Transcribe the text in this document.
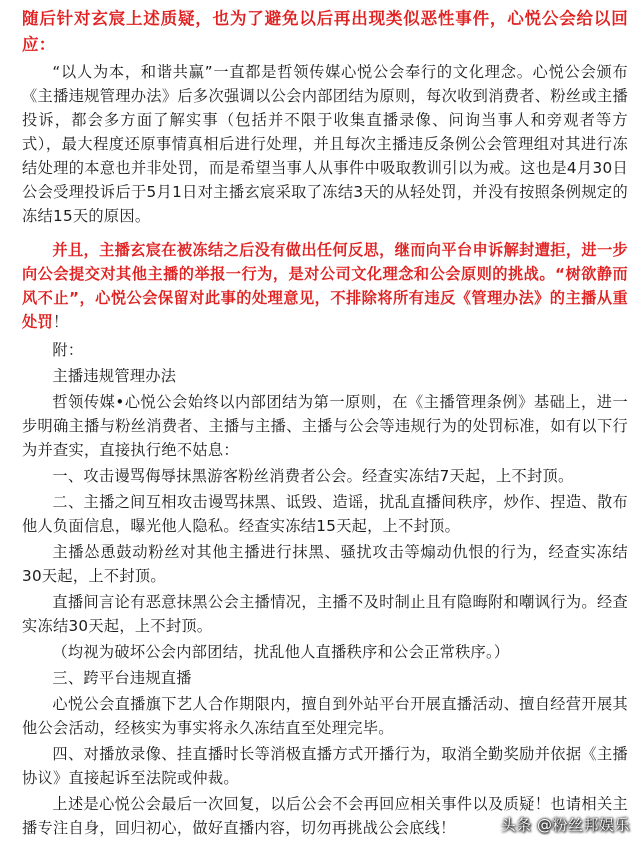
随后针对玄宸上述质疑，也为了避免以后再出现类似恶性事件，心悦公会给以回应：

“以人为本，和谐共赢”一直都是哲领传媒心悦公会奉行的文化理念。心悦公会颁布《主播违规管理办法》后多次强调以公会内部团结为原则，每次收到消费者、粉丝或主播投诉，都会多方面了解实事（包括并不限于收集直播录像、问询当事人和旁观者等方式），最大程度还原事情真相后进行处理，并且每次主播违反条例公会管理组对其进行冻结处理的本意也并非处罚，而是希望当事人从事件中吸取教训引以为戒。这也是4月30日公会受理投诉后于5月1日对主播玄宸采取了冻结3天的从轻处罚，并没有按照条例规定的冻结15天的原因。

并且，主播玄宸在被冻结之后没有做出任何反思，继而向平台申诉解封遭拒，进一步向公会提交对其他主播的举报一行为，是对公司文化理念和公会原则的挑战。“树欲静而风不止”，心悦公会保留对此事的处理意见，不排除将所有违反《管理办法》的主播从重处罚！

附：

主播违规管理办法

哲领传媒•心悦公会始终以内部团结为第一原则，在《主播管理条例》基础上，进一步明确主播与粉丝消费者、主播与主播、主播与公会等违规行为的处罚标准，如有以下行为并查实，直接执行绝不姑息：

一、攻击谩骂侮辱抹黑游客粉丝消费者公会。经查实冻结7天起，上不封顶。

二、主播之间互相攻击谩骂抹黑、诋毁、造谣，扰乱直播间秩序，炒作、捏造、散布他人负面信息，曝光他人隐私。经查实冻结15天起，上不封顶。

主播怂恿鼓动粉丝对其他主播进行抹黑、骚扰攻击等煽动仇恨的行为，经查实冻结30天起，上不封顶。

直播间言论有恶意抹黑公会主播情况，主播不及时制止且有隐晦附和嘲讽行为。经查实冻结30天起，上不封顶。

（均视为破坏公会内部团结，扰乱他人直播秩序和公会正常秩序。）

三、跨平台违规直播

心悦公会直播旗下艺人合作期限内，擅自到外站平台开展直播活动、擅自经营开展其他公会活动，经核实为事实将永久冻结直至处理完毕。

四、对播放录像、挂直播时长等消极直播方式开播行为，取消全勤奖励并依据《主播协议》直接起诉至法院或仲裁。

上述是心悦公会最后一次回复，以后公会不会再回应相关事件以及质疑！也请相关主播专注自身，回归初心，做好直播内容，切勿再挑战公会底线！	头条 @粉丝邦娱乐
